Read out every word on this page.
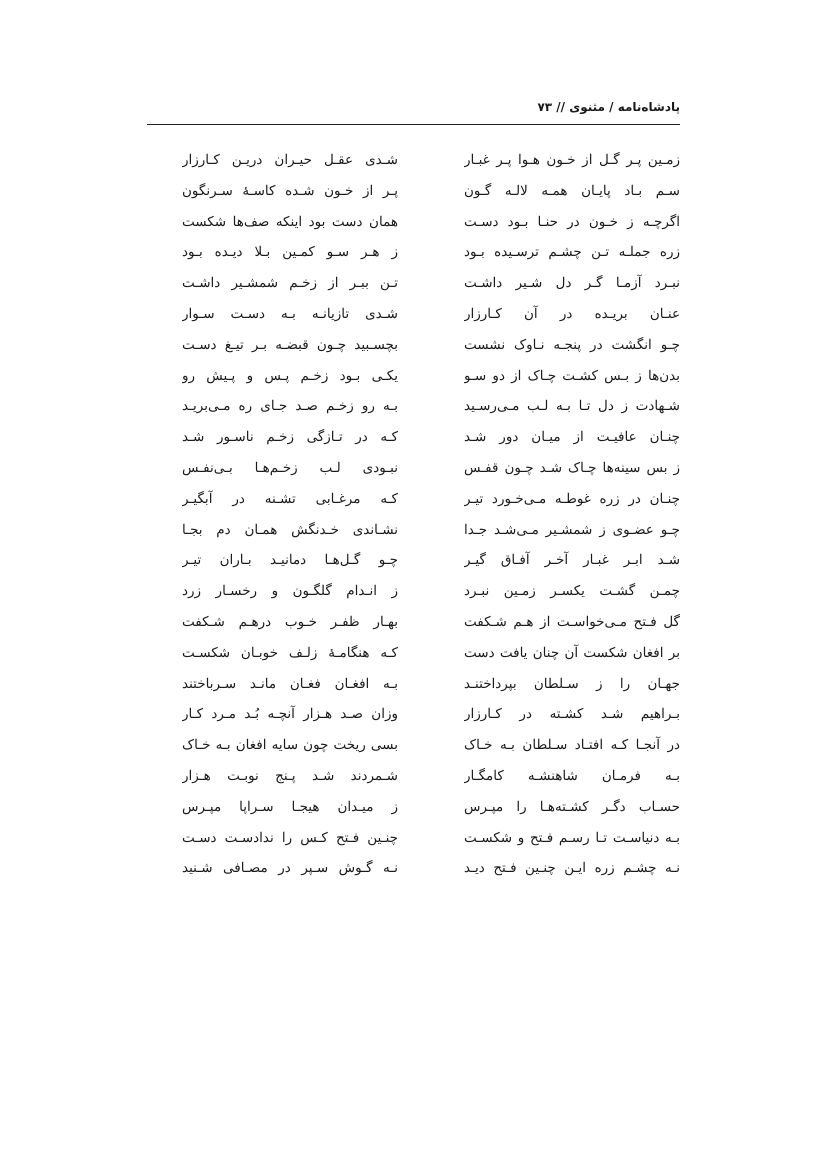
پادشاه‌نامه / مثنوی // ۷۳
زمـین پـر گـل از خـون هـوا پـر غبـار
شـدی عقـل حیـران دریـن کـارزار
سـم بـاد پایـان همـه لالـه گـون
پـر از خـون شـده کاسـهٔ سـرنگون
اگرچـه ز خـون در حنـا بـود دسـت
همان دست بود اینکه صف‌ها شکست
زره جملـه تـن چشـم ترسـیده بـود
ز هـر سـو کمـین بـلا دیـده بـود
نبـرد آزمـا گـر دل شـیر داشـت
تـن ببـر از زخـم شمشـیر داشـت
عنـان بریـده در آن کـارزار
شـدی تازیانـه بـه دسـت سـوار
چـو انگشت در پنجـه نـاوک نشست
بچسـبید چـون قبضـه بـر تیـغ دسـت
بدن‌ها ز بـس کشـت چـاک از دو سـو
یکـی بـود زخـم پـس و پـیش رو
شـهادت ز دل تـا بـه لـب مـی‌رسـید
بـه رو زخـم صـد جـای ره مـی‌بریـد
چنـان عافیـت از میـان دور شـد
کـه در تـازگی زخـم ناسـور شـد
ز بس سینه‌ها چـاک شـد چـون قفـس
نبـودی لـب زخـم‌هـا بـی‌نفـس
چنـان در زره غوطـه مـی‌خـورد تیـر
کـه مرغـابی تشـنه در آبگیـر
چـو عضـوی ز شمشـیر مـی‌شـد جـدا
نشـاندی خـدنگش همـان دم بجـا
شـد ابـر غبـار آخـر آفـاق گیـر
چـو گـل‌هـا دمانیـد بـاران تیـر
چمـن گشـت یکسـر زمـین نبـرد
ز انـدام گلگـون و رخسـار زرد
گل فـتح مـی‌خواسـت از هـم شـکفت
بهـار ظفـر خـوب درهـم شـکفت
بر افغان شکست آن چنان یافت دست
کـه هنگامـهٔ زلـف خوبـان شکسـت
جهـان را ز سـلطان بپرداختنـد
بـه افغـان فغـان مانـد سـرباختند
بـراهیم شـد کشـته در کـارزار
وزان صـد هـزار آنچـه بُـد مـرد کـار
در آنجـا کـه افتـاد سـلطان بـه خـاک
بسی ریخت چون سایه افغان بـه خـاک
بـه فرمـان شاهنشـه کامگـار
شـمردند شـد پـنج نوبـت هـزار
حسـاب دگـر کشـته‌هـا را مپـرس
ز میـدان هیجـا سـراپا مپـرس
بـه دنیاسـت تـا رسـم فـتح و شکسـت
چنـین فـتح کـس را ندادسـت دسـت
نـه چشـم زره ایـن چنـین فـتح دیـد
نـه گـوش سـپر در مصـافی شـنید
